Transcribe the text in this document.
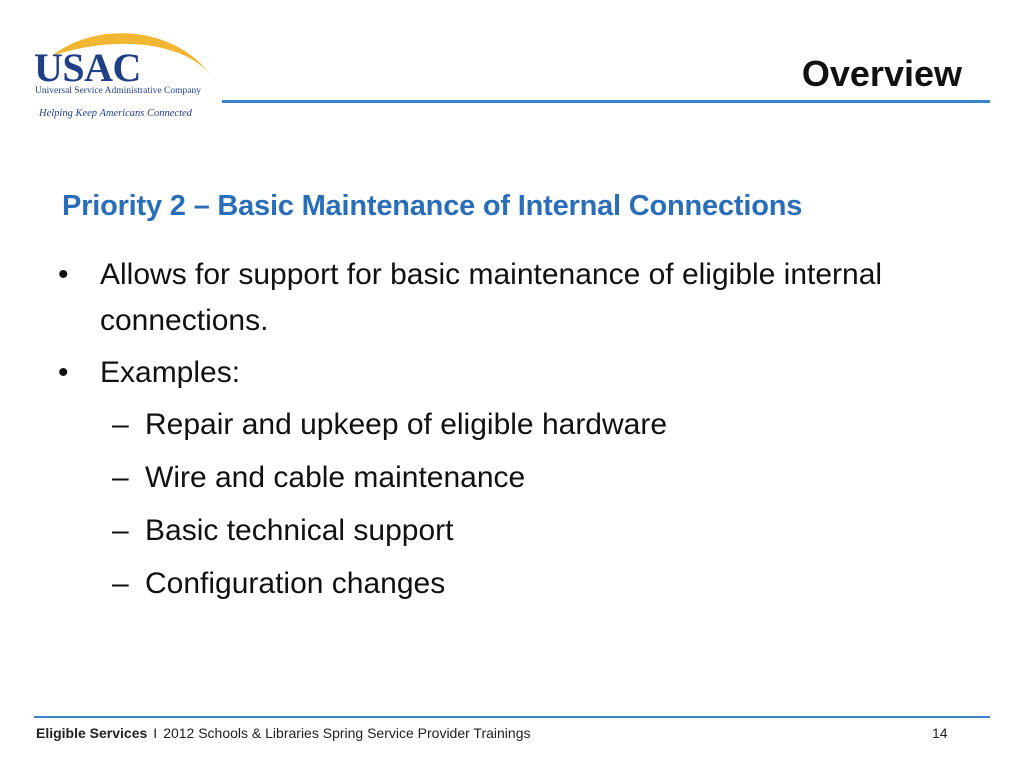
USAC
Universal Service Administrative Company
Helping Keep Americans Connected
Overview
Priority 2 – Basic Maintenance of Internal Connections
• Allows for support for basic maintenance of eligible internal connections.
• Examples:
– Repair and upkeep of eligible hardware
– Wire and cable maintenance
– Basic technical support
– Configuration changes
Eligible Services I 2012 Schools & Libraries Spring Service Provider Trainings	14
